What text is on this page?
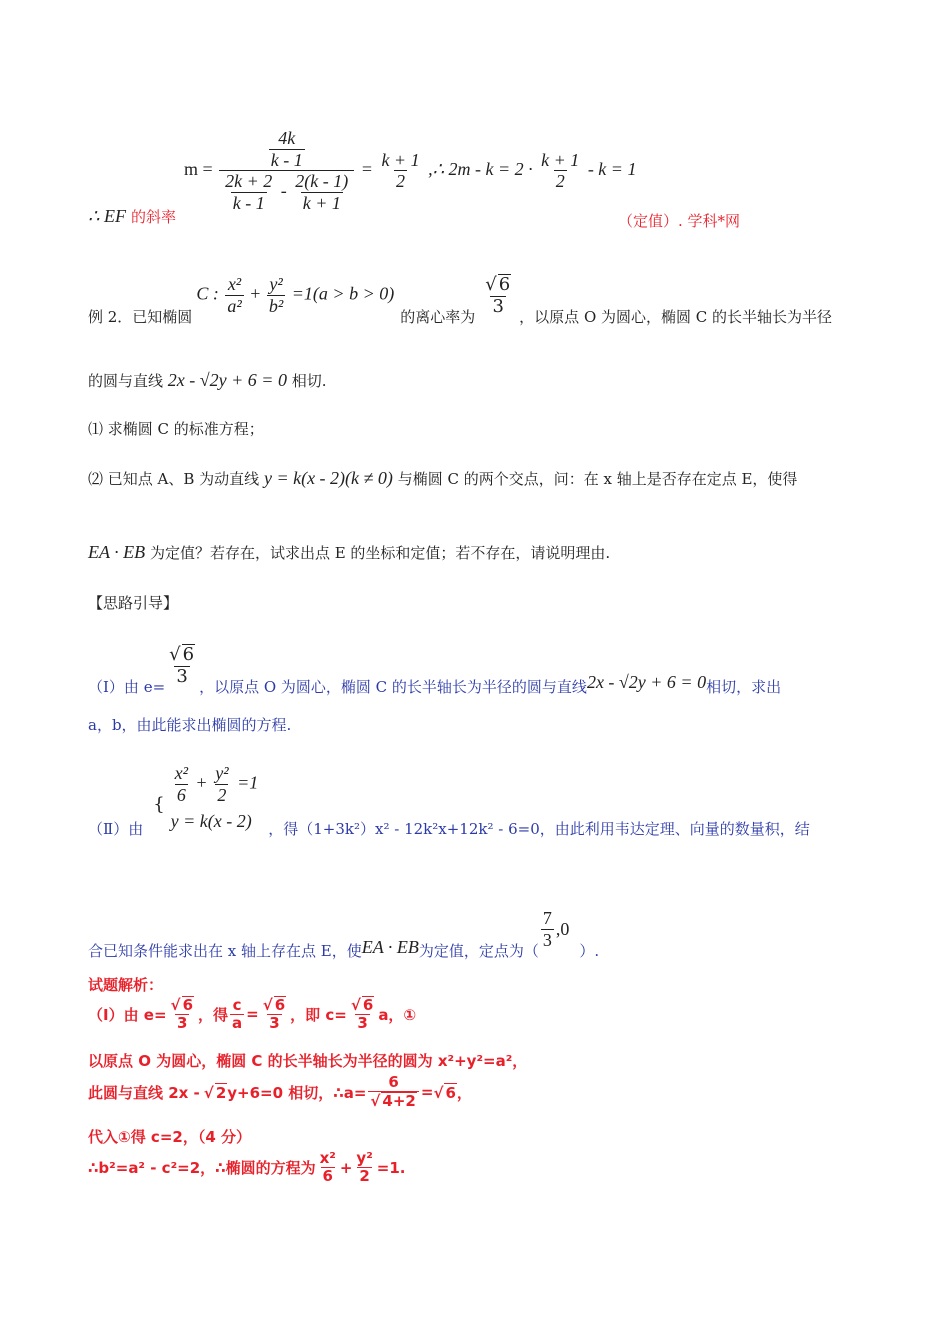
$m = \frac{\frac{4k}{k - 1}}{\frac{2k + 2}{k - 1} - \frac{2(k - 1)}{k + 1}} = \frac{k + 1}{2}$ ,∴ $2m - k = 2 \cdot \frac{k + 1}{2} - k = 1$
∴ EF 的斜率	（定值）. 学科*网
例 2．已知椭圆
C : $\frac{\text{x²}}{\text{a²}} + \frac{\text{y²}}{\text{b²}} =1(a > b > 0)$
的离心率为
√ 6
3
，以原点 O 为圆心，椭圆 C 的长半轴长为半径
的圆与直线 2x - √2y + 6 = 0 相切.
⑴ 求椭圆 C 的标准方程；
⑵ 已知点 A、B 为动直线 y = k(x - 2)(k ≠ 0) 与椭圆 C 的两个交点，问：在 x 轴上是否存在定点 E，使得
EA · EB 为定值？若存在，试求出点 E 的坐标和定值；若不存在，请说明理由.
【思路引导】
（Ⅰ）由 $e= \frac{√ 6}{3}$ ，以原点 O 为圆心，椭圆 C 的长半轴长为半径的圆与直线 2x - √2y + 6 = 0 相切，求出
a，b，由此能求出椭圆的方程.
（Ⅱ）由
{ $\frac{\text{x²}}{6} + \frac{\text{y²}}{2} =1$
y = k(x - 2)	，得（1+3k²）x² - 12k²x+12k² - 6=0，由此利用韦达定理、向量的数量积，结
合已知条件能求出在 x 轴上存在点 E，使 EA · EB 为定值，定点为（
7
3
,0
）.
试题解析：
（Ⅰ）由 $e= \frac{√ 6}{3}$ ，得 $\frac{c}{a} = \frac{√ 6}{3}$ ，即 $c= \frac{√ 6}{3}$ a，①
以原点 O 为圆心，椭圆 C 的长半轴长为半径的圆为 x²+y²=a²，
此圆与直线 2x - √ 2 y+6=0 相切，∴a= $\frac{6}{√ 4+2}$ = √ 6 ，
代入①得 c=2，（4 分）
∴b²=a² - c²=2，∴椭圆的方程为
x²
$6 + \frac{\text{y²}}{2} =1$.
